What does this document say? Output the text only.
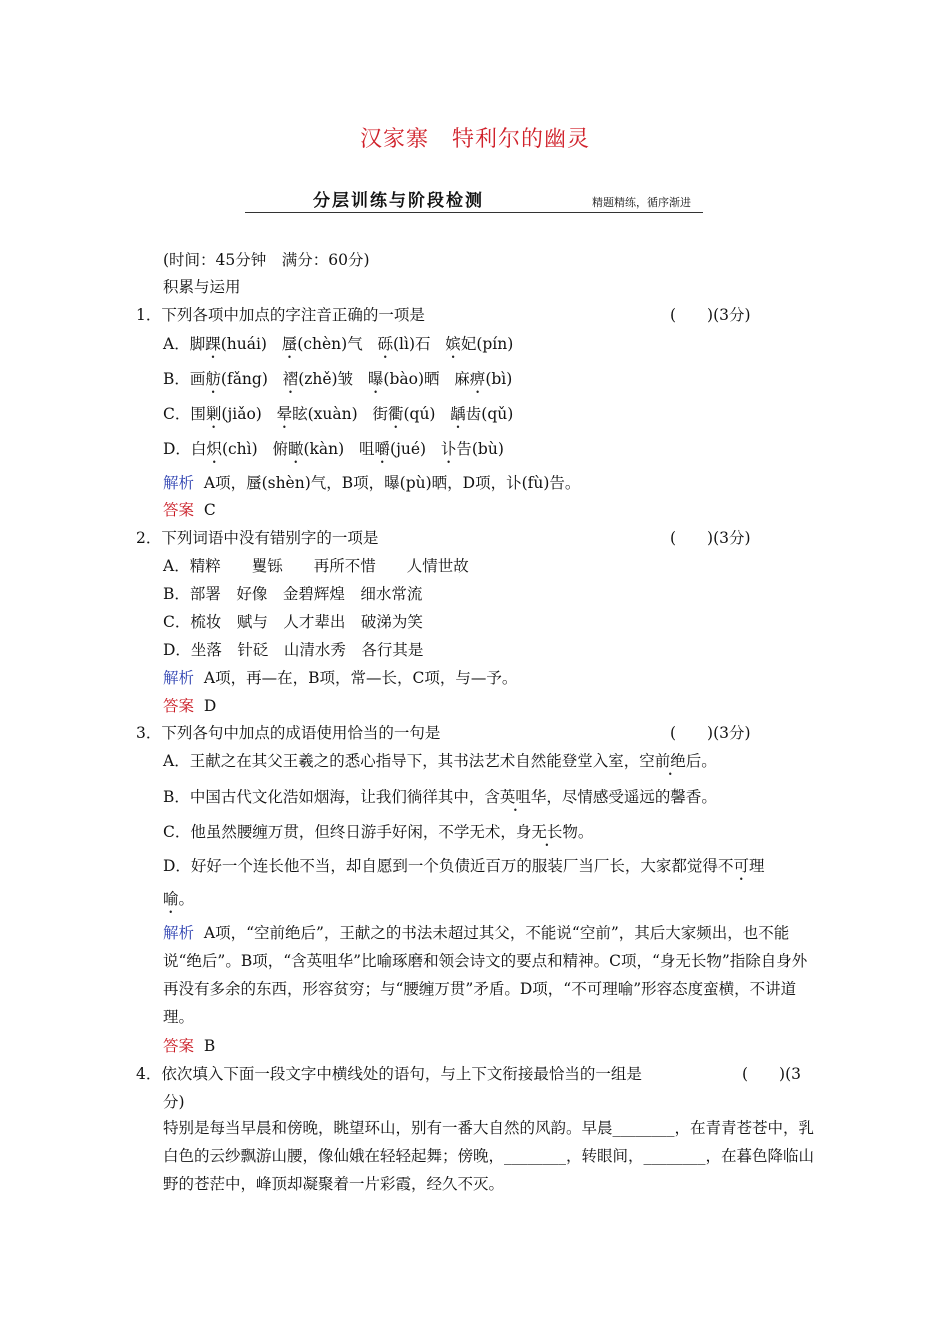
汉家寨　特利尔的幽灵
分层训练与阶段检测	精题精练，循序渐进
(时间：45分钟　满分：60分)
积累与运用
1．下列各项中加点的字注音正确的一项是	(　　)(3分)
A．脚踝(huái) 蜃(chèn)气 砾(lì)石 嫔妃(pín)
B．画舫(fǎng) 褶(zhě)皱 曝(bào)晒 麻痹(bì)
C．围剿(jiǎo) 晕眩(xuàn) 街衢(qú) 龋齿(qǔ)
D．白炽(chì) 俯瞰(kàn) 咀嚼(jué) 讣告(bù)
解析 A项，蜃(shèn)气，B项，曝(pù)晒，D项，讣(fù)告。
答案 C
2．下列词语中没有错别字的一项是	(　　)(3分)
A．精粹　　矍铄　　再所不惜　　人情世故
B．部署　好像　金碧辉煌　细水常流
C．梳妆　赋与　人才辈出　破涕为笑
D．坐落　针砭　山清水秀　各行其是
解析 A项，再—在，B项，常—长，C项，与—予。
答案 D
3．下列各句中加点的成语使用恰当的一句是	(　　)(3分)
A．王献之在其父王羲之的悉心指导下，其书法艺术自然能登堂入室，空前绝后。
B．中国古代文化浩如烟海，让我们徜徉其中，含英咀华，尽情感受遥远的馨香。
C．他虽然腰缠万贯，但终日游手好闲，不学无术，身无长物。
D．好好一个连长他不当，却自愿到一个负债近百万的服装厂当厂长，大家都觉得不可理
喻。
解析 A项，“空前绝后”，王献之的书法未超过其父，不能说“空前”，其后大家频出，也不能说“绝后”。B项，“含英咀华”比喻琢磨和领会诗文的要点和精神。C项，“身无长物”指除自身外再没有多余的东西，形容贫穷；与“腰缠万贯”矛盾。D项，“不可理喻”形容态度蛮横，不讲道理。
答案 B
4．依次填入下面一段文字中横线处的语句，与上下文衔接最恰当的一组是	(　　)(3
分)
特别是每当早晨和傍晚，眺望环山，别有一番大自然的风韵。早晨________，在青青苍苍中，乳白色的云纱飘游山腰，像仙娥在轻轻起舞；傍晚，________，转眼间，________，在暮色降临山野的苍茫中，峰顶却凝聚着一片彩霞，经久不灭。
